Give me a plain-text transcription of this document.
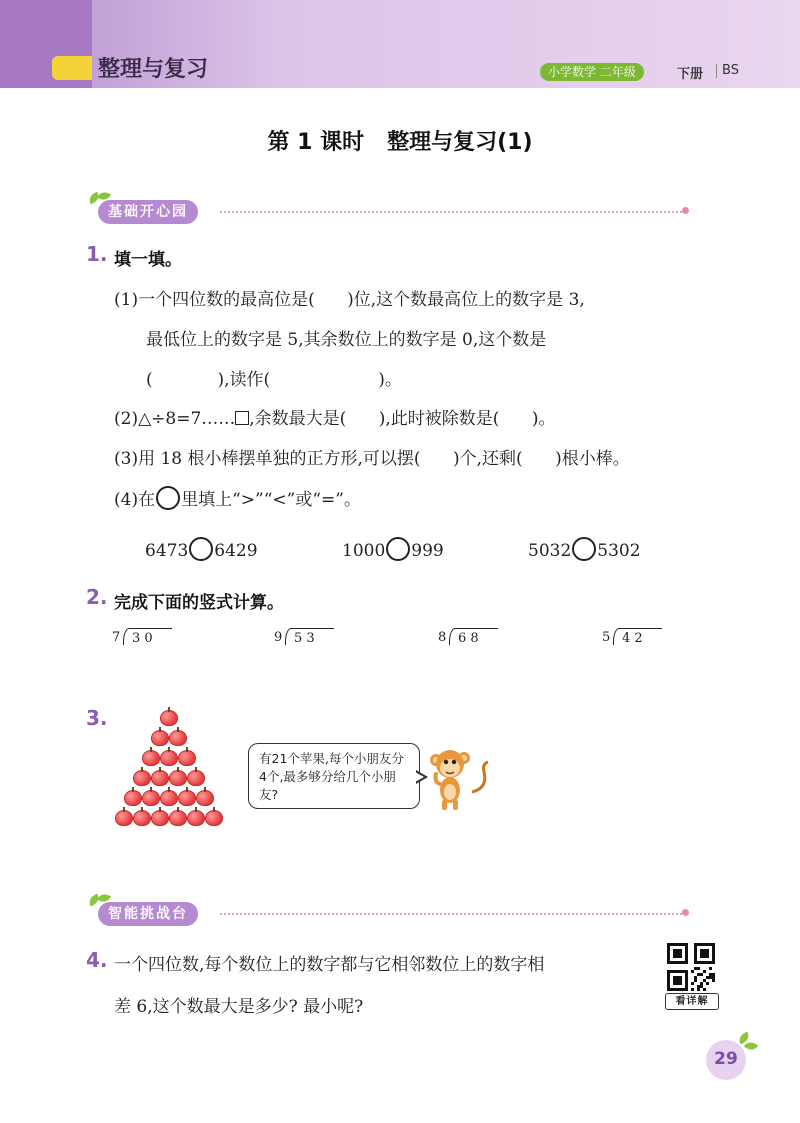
整理与复习	小学数学 二年级	下册 BS
第 1 课时   整理与复习(1)
基础开心园
1. 填一填。
(1)一个四位数的最高位是(      )位,这个数最高位上的数字是 3,
最低位上的数字是 5,其余数位上的数字是 0,这个数是
(            ),读作(                    )。
(2)△÷8=7…… ,余数最大是(      ),此时被除数是(      )。
(3)用 18 根小棒摆单独的正方形,可以摆(      )个,还剩(      )根小棒。
(4)在 里填上“>”“<”或“=”。
6473 6429	1000 999	5032 5302
2. 完成下面的竖式计算。
7 3 0	9 5 3	8 6 8	5 4 2
3.
有21个苹果,每个小朋友分4个,最多够分给几个小朋友?
智能挑战台
4. 一个四位数,每个数位上的数字都与它相邻数位上的数字相
差 6,这个数最大是多少? 最小呢?	看详解
29
